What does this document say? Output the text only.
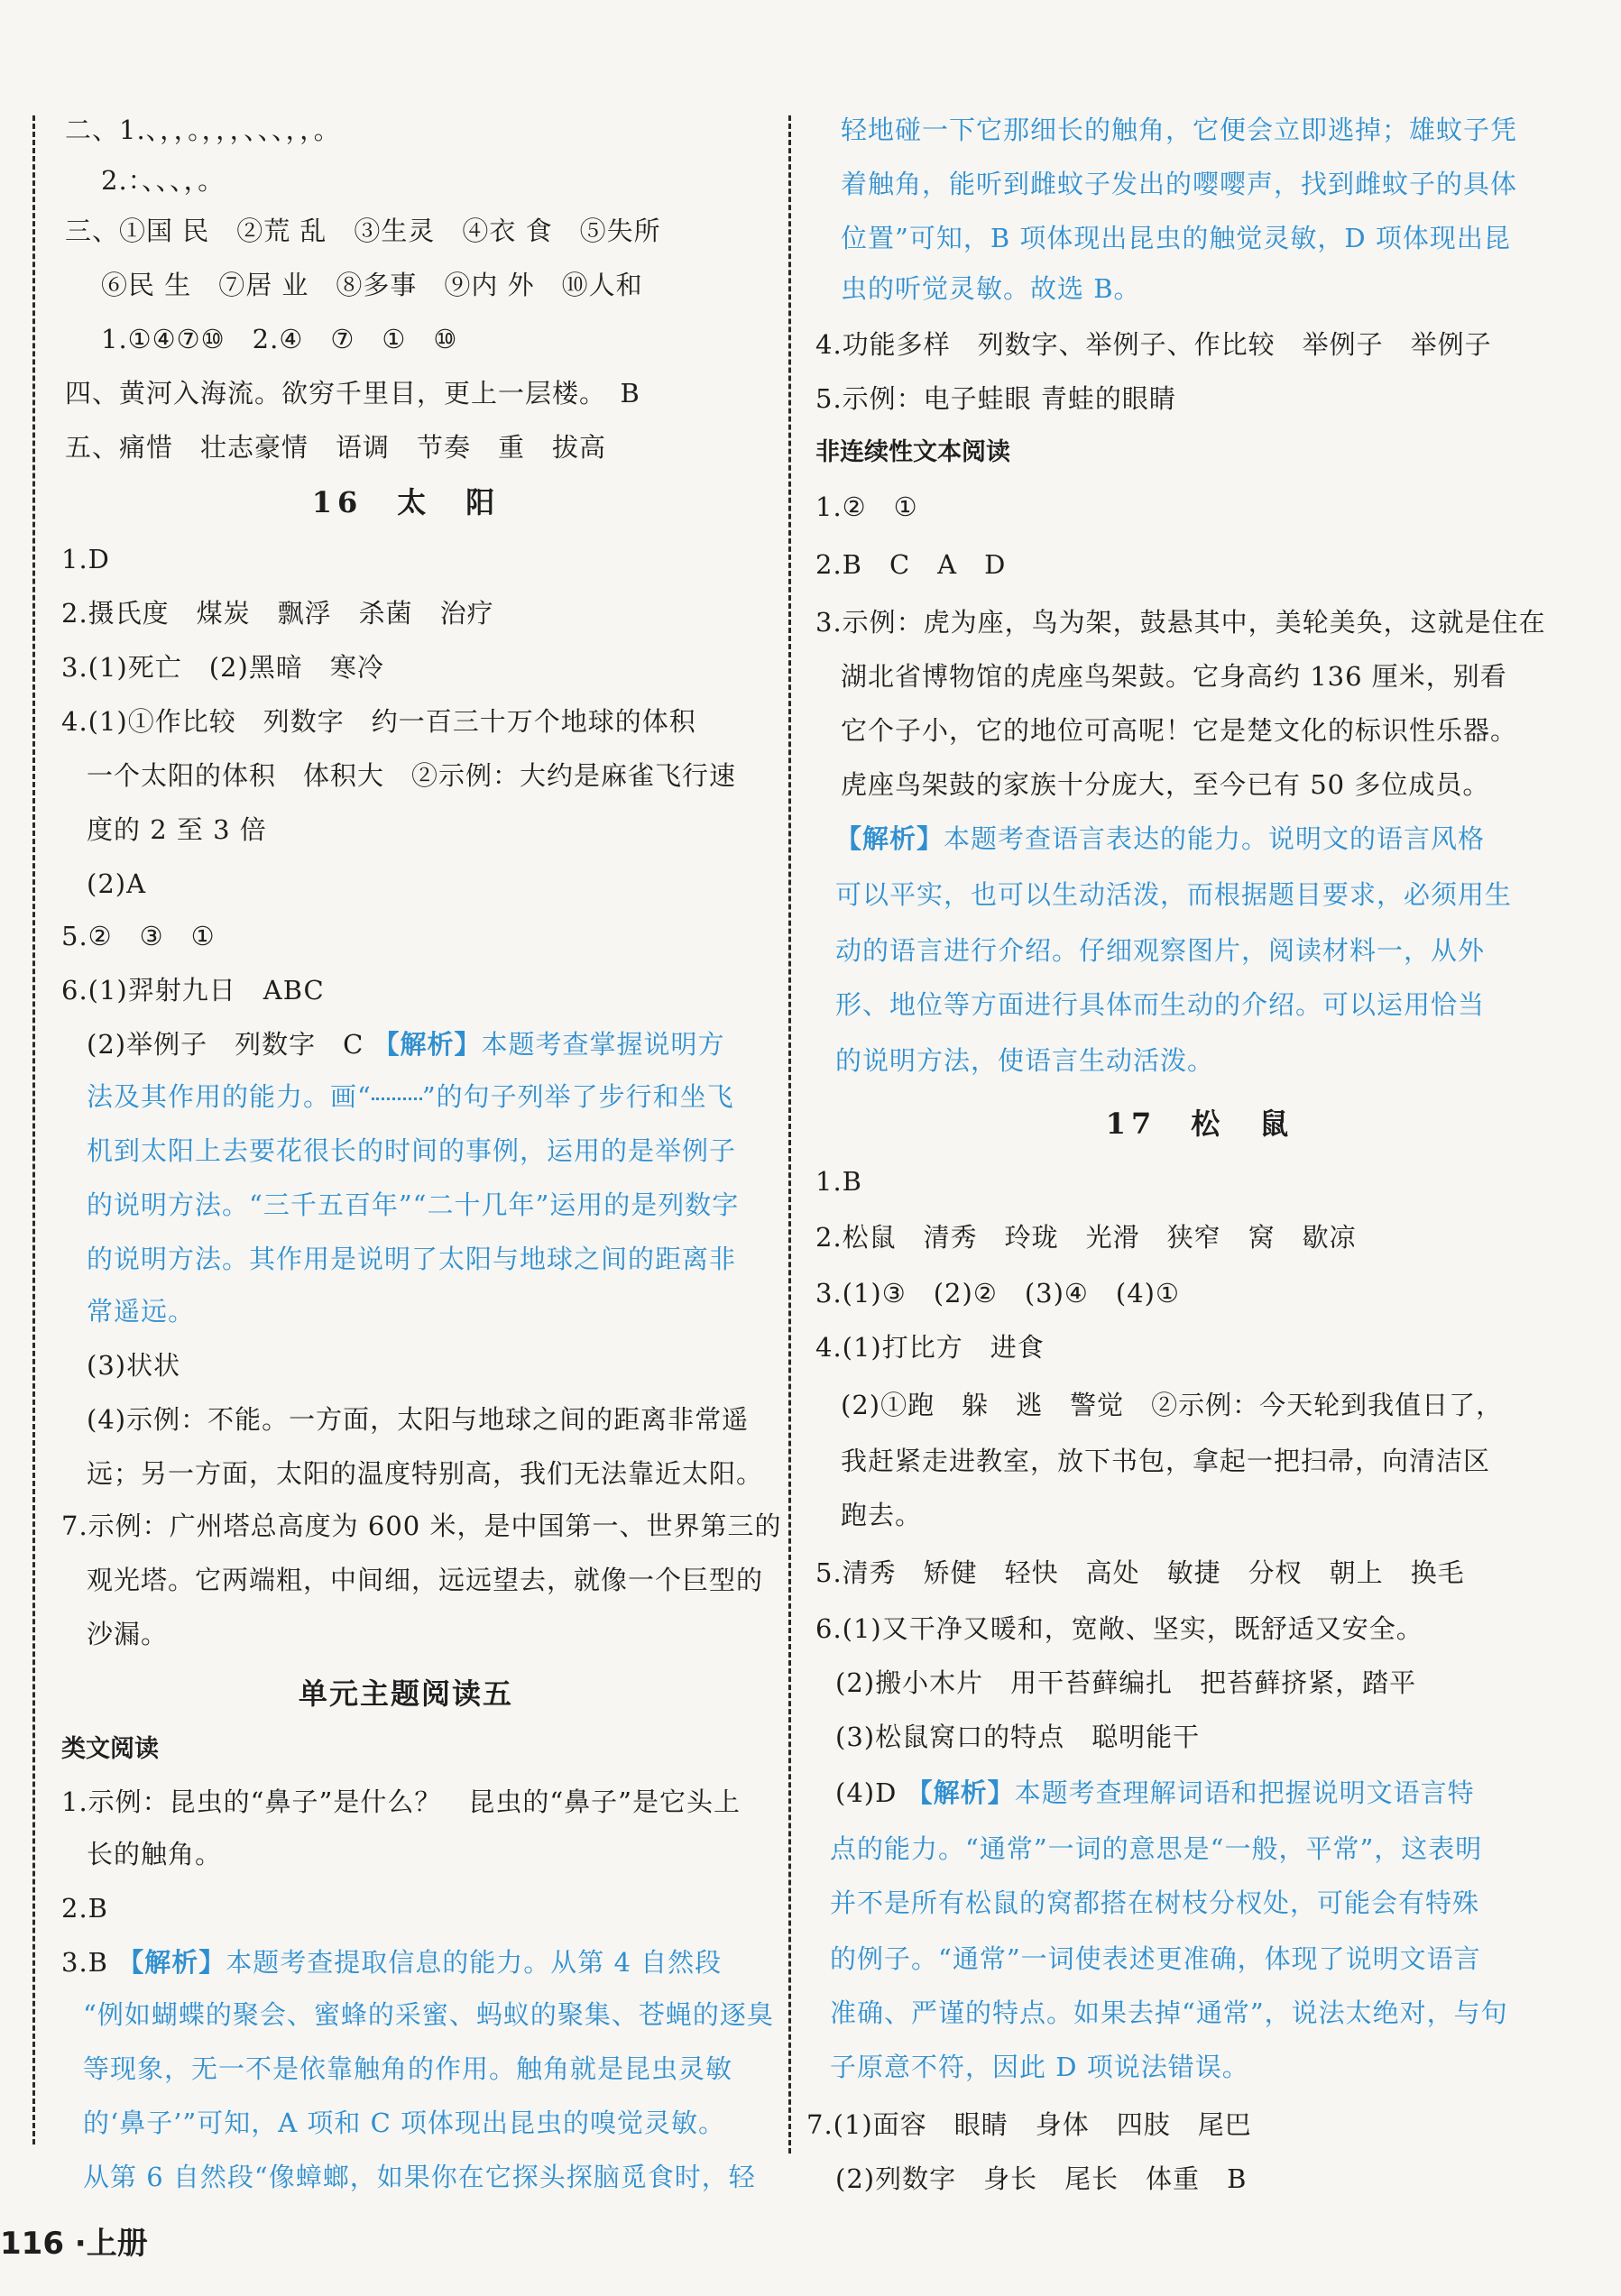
二、1.、，，。，，，、、、，，。
2.：、、、，。
三、①国 民　②荒 乱　③生灵　④衣 食　⑤失所
⑥民 生　⑦居 业　⑧多事　⑨内 外　⑩人和
1.①④⑦⑩　2.④　⑦　①　⑩
四、黄河入海流。欲穷千里目，更上一层楼。　B
五、痛惜　壮志豪情　语调　节奏　重　拔高
16　太　阳
1.D
2.摄氏度　煤炭　飘浮　杀菌　治疗
3.(1)死亡　(2)黑暗　寒冷
4.(1)①作比较　列数字　约一百三十万个地球的体积
一个太阳的体积　体积大　②示例：大约是麻雀飞行速
度的 2 至 3 倍
(2)A
5.②　③　①
6.(1)羿射九日　ABC
(2)举例子　列数字　C 【解析】本题考查掌握说明方
法及其作用的能力。画“ ”的句子列举了步行和坐飞
机到太阳上去要花很长的时间的事例，运用的是举例子
的说明方法。“三千五百年”“二十几年”运用的是列数字
的说明方法。其作用是说明了太阳与地球之间的距离非
常遥远。
(3)状状
(4)示例：不能。一方面，太阳与地球之间的距离非常遥
远；另一方面，太阳的温度特别高，我们无法靠近太阳。
7.示例：广州塔总高度为 600 米，是中国第一、世界第三的
观光塔。它两端粗，中间细，远远望去，就像一个巨型的
沙漏。
单元主题阅读五
类文阅读
1.示例：昆虫的“鼻子”是什么？　昆虫的“鼻子”是它头上
长的触角。
2.B
3.B 【解析】本题考查提取信息的能力。从第 4 自然段
“例如蝴蝶的聚会、蜜蜂的采蜜、蚂蚁的聚集、苍蝇的逐臭
等现象，无一不是依靠触角的作用。触角就是昆虫灵敏
的‘鼻子’”可知，A 项和 C 项体现出昆虫的嗅觉灵敏。
从第 6 自然段“像蟑螂，如果你在它探头探脑觅食时，轻
轻地碰一下它那细长的触角，它便会立即逃掉；雄蚊子凭
着触角，能听到雌蚊子发出的嘤嘤声，找到雌蚊子的具体
位置”可知，B 项体现出昆虫的触觉灵敏，D 项体现出昆
虫的听觉灵敏。故选 B。
4.功能多样　列数字、举例子、作比较　举例子　举例子
5.示例：电子蛙眼 青蛙的眼睛
非连续性文本阅读
1.②　①
2.B　C　A　D
3.示例：虎为座，鸟为架，鼓悬其中，美轮美奂，这就是住在
湖北省博物馆的虎座鸟架鼓。它身高约 136 厘米，别看
它个子小，它的地位可高呢！它是楚文化的标识性乐器。
虎座鸟架鼓的家族十分庞大，至今已有 50 多位成员。
【解析】本题考查语言表达的能力。说明文的语言风格
可以平实，也可以生动活泼，而根据题目要求，必须用生
动的语言进行介绍。仔细观察图片，阅读材料一，从外
形、地位等方面进行具体而生动的介绍。可以运用恰当
的说明方法，使语言生动活泼。
17　松　鼠
1.B
2.松鼠　清秀　玲珑　光滑　狭窄　窝　歇凉
3.(1)③　(2)②　(3)④　(4)①
4.(1)打比方　进食
(2)①跑　躲　逃　警觉　②示例：今天轮到我值日了，
我赶紧走进教室，放下书包，拿起一把扫帚，向清洁区
跑去。
5.清秀　矫健　轻快　高处　敏捷　分杈　朝上　换毛
6.(1)又干净又暖和，宽敞、坚实，既舒适又安全。
(2)搬小木片　用干苔藓编扎　把苔藓挤紧，踏平
(3)松鼠窝口的特点　聪明能干
(4)D 【解析】本题考查理解词语和把握说明文语言特
点的能力。“通常”一词的意思是“一般，平常”，这表明
并不是所有松鼠的窝都搭在树枝分杈处，可能会有特殊
的例子。“通常”一词使表述更准确，体现了说明文语言
准确、严谨的特点。如果去掉“通常”，说法太绝对，与句
子原意不符，因此 D 项说法错误。
7.(1)面容　眼睛　身体　四肢　尾巴
(2)列数字　身长　尾长　体重　B
116 ·上册
